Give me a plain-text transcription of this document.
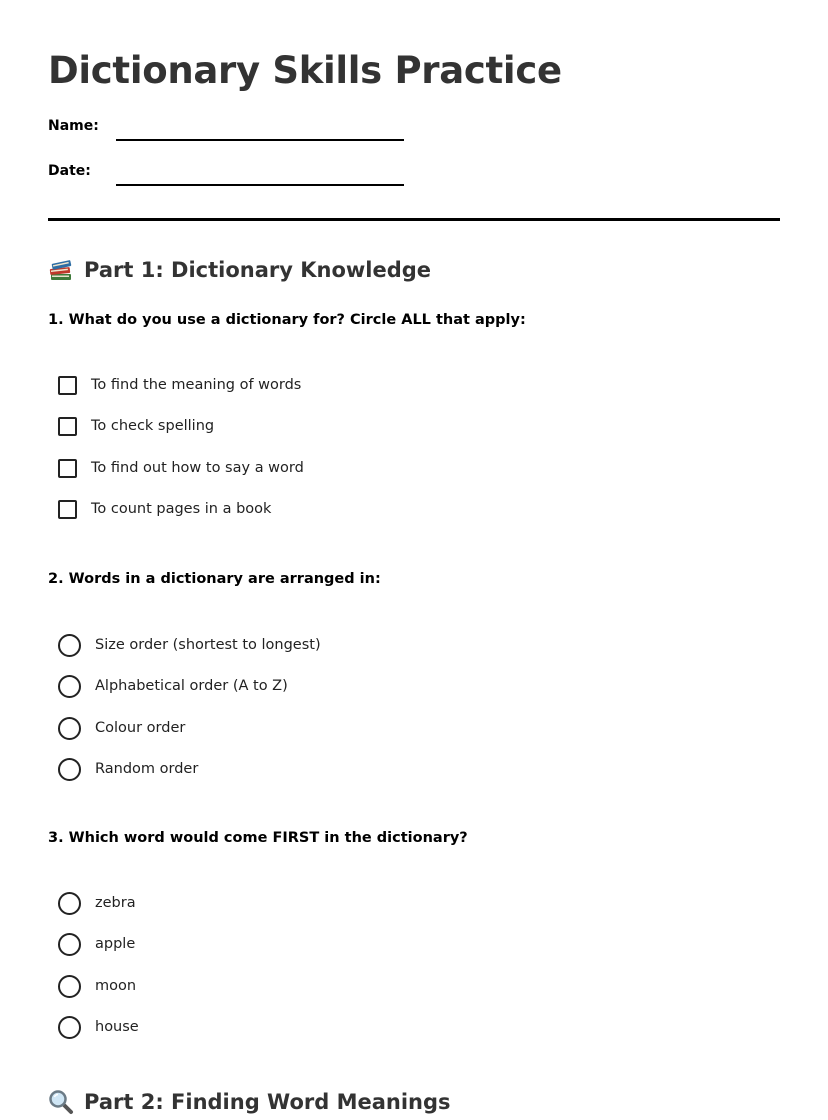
Dictionary Skills Practice
Name:
Date:
Part 1: Dictionary Knowledge
1. What do you use a dictionary for? Circle ALL that apply:
To find the meaning of words
To check spelling
To find out how to say a word
To count pages in a book
2. Words in a dictionary are arranged in:
Size order (shortest to longest)
Alphabetical order (A to Z)
Colour order
Random order
3. Which word would come FIRST in the dictionary?
zebra
apple
moon
house
Part 2: Finding Word Meanings
